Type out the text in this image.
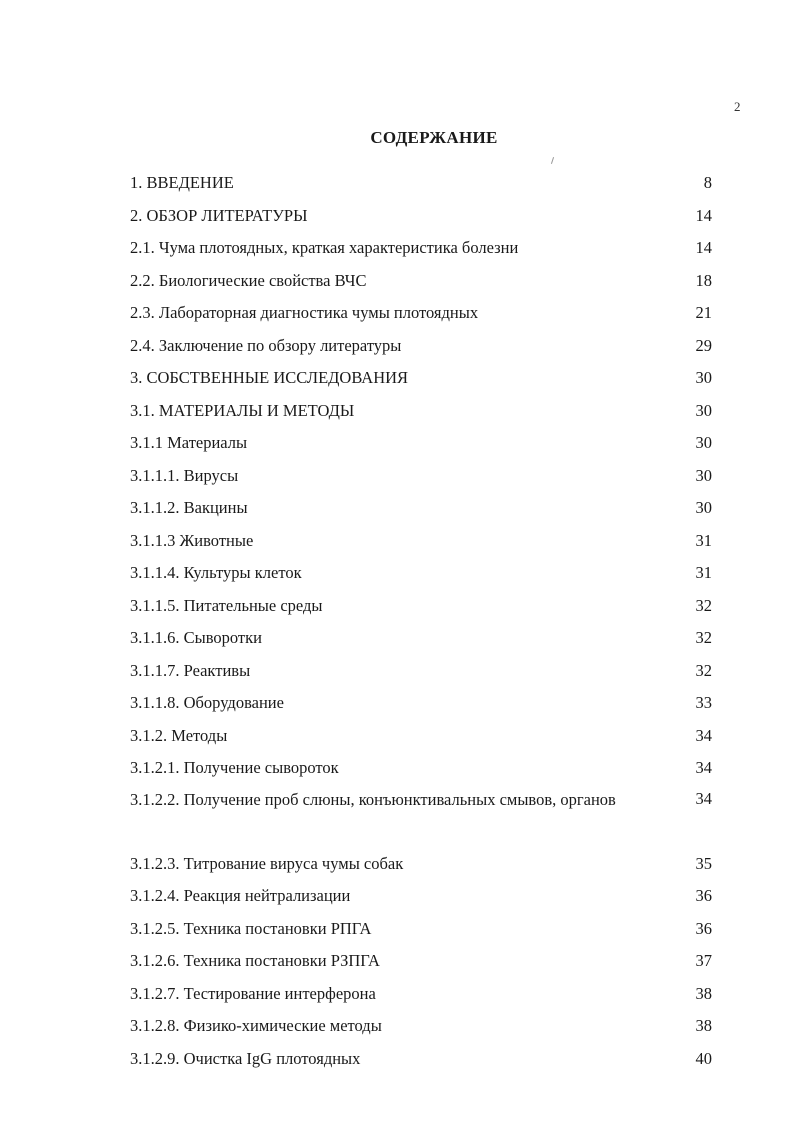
2
СОДЕРЖАНИЕ
1. ВВЕДЕНИЕ	8
2. ОБЗОР ЛИТЕРАТУРЫ	14
2.1. Чума плотоядных, краткая характеристика болезни	14
2.2. Биологические свойства ВЧС	18
2.3. Лабораторная диагностика чумы плотоядных	21
2.4. Заключение по обзору литературы	29
3. СОБСТВЕННЫЕ ИССЛЕДОВАНИЯ	30
3.1. МАТЕРИАЛЫ И МЕТОДЫ	30
3.1.1 Материалы	30
3.1.1.1. Вирусы	30
3.1.1.2. Вакцины	30
3.1.1.3 Животные	31
3.1.1.4. Культуры клеток	31
3.1.1.5. Питательные среды	32
3.1.1.6. Сыворотки	32
3.1.1.7. Реактивы	32
3.1.1.8. Оборудование	33
3.1.2. Методы	34
3.1.2.1. Получение сывороток	34
3.1.2.2. Получение проб слюны, конъюнктивальных смывов, органов	34
3.1.2.3. Титрование вируса чумы собак	35
3.1.2.4. Реакция нейтрализации	36
3.1.2.5. Техника постановки РПГА	36
3.1.2.6. Техника постановки РЗПГА	37
3.1.2.7. Тестирование интерферона	38
3.1.2.8. Физико-химические методы	38
3.1.2.9. Очистка IgG плотоядных	40
